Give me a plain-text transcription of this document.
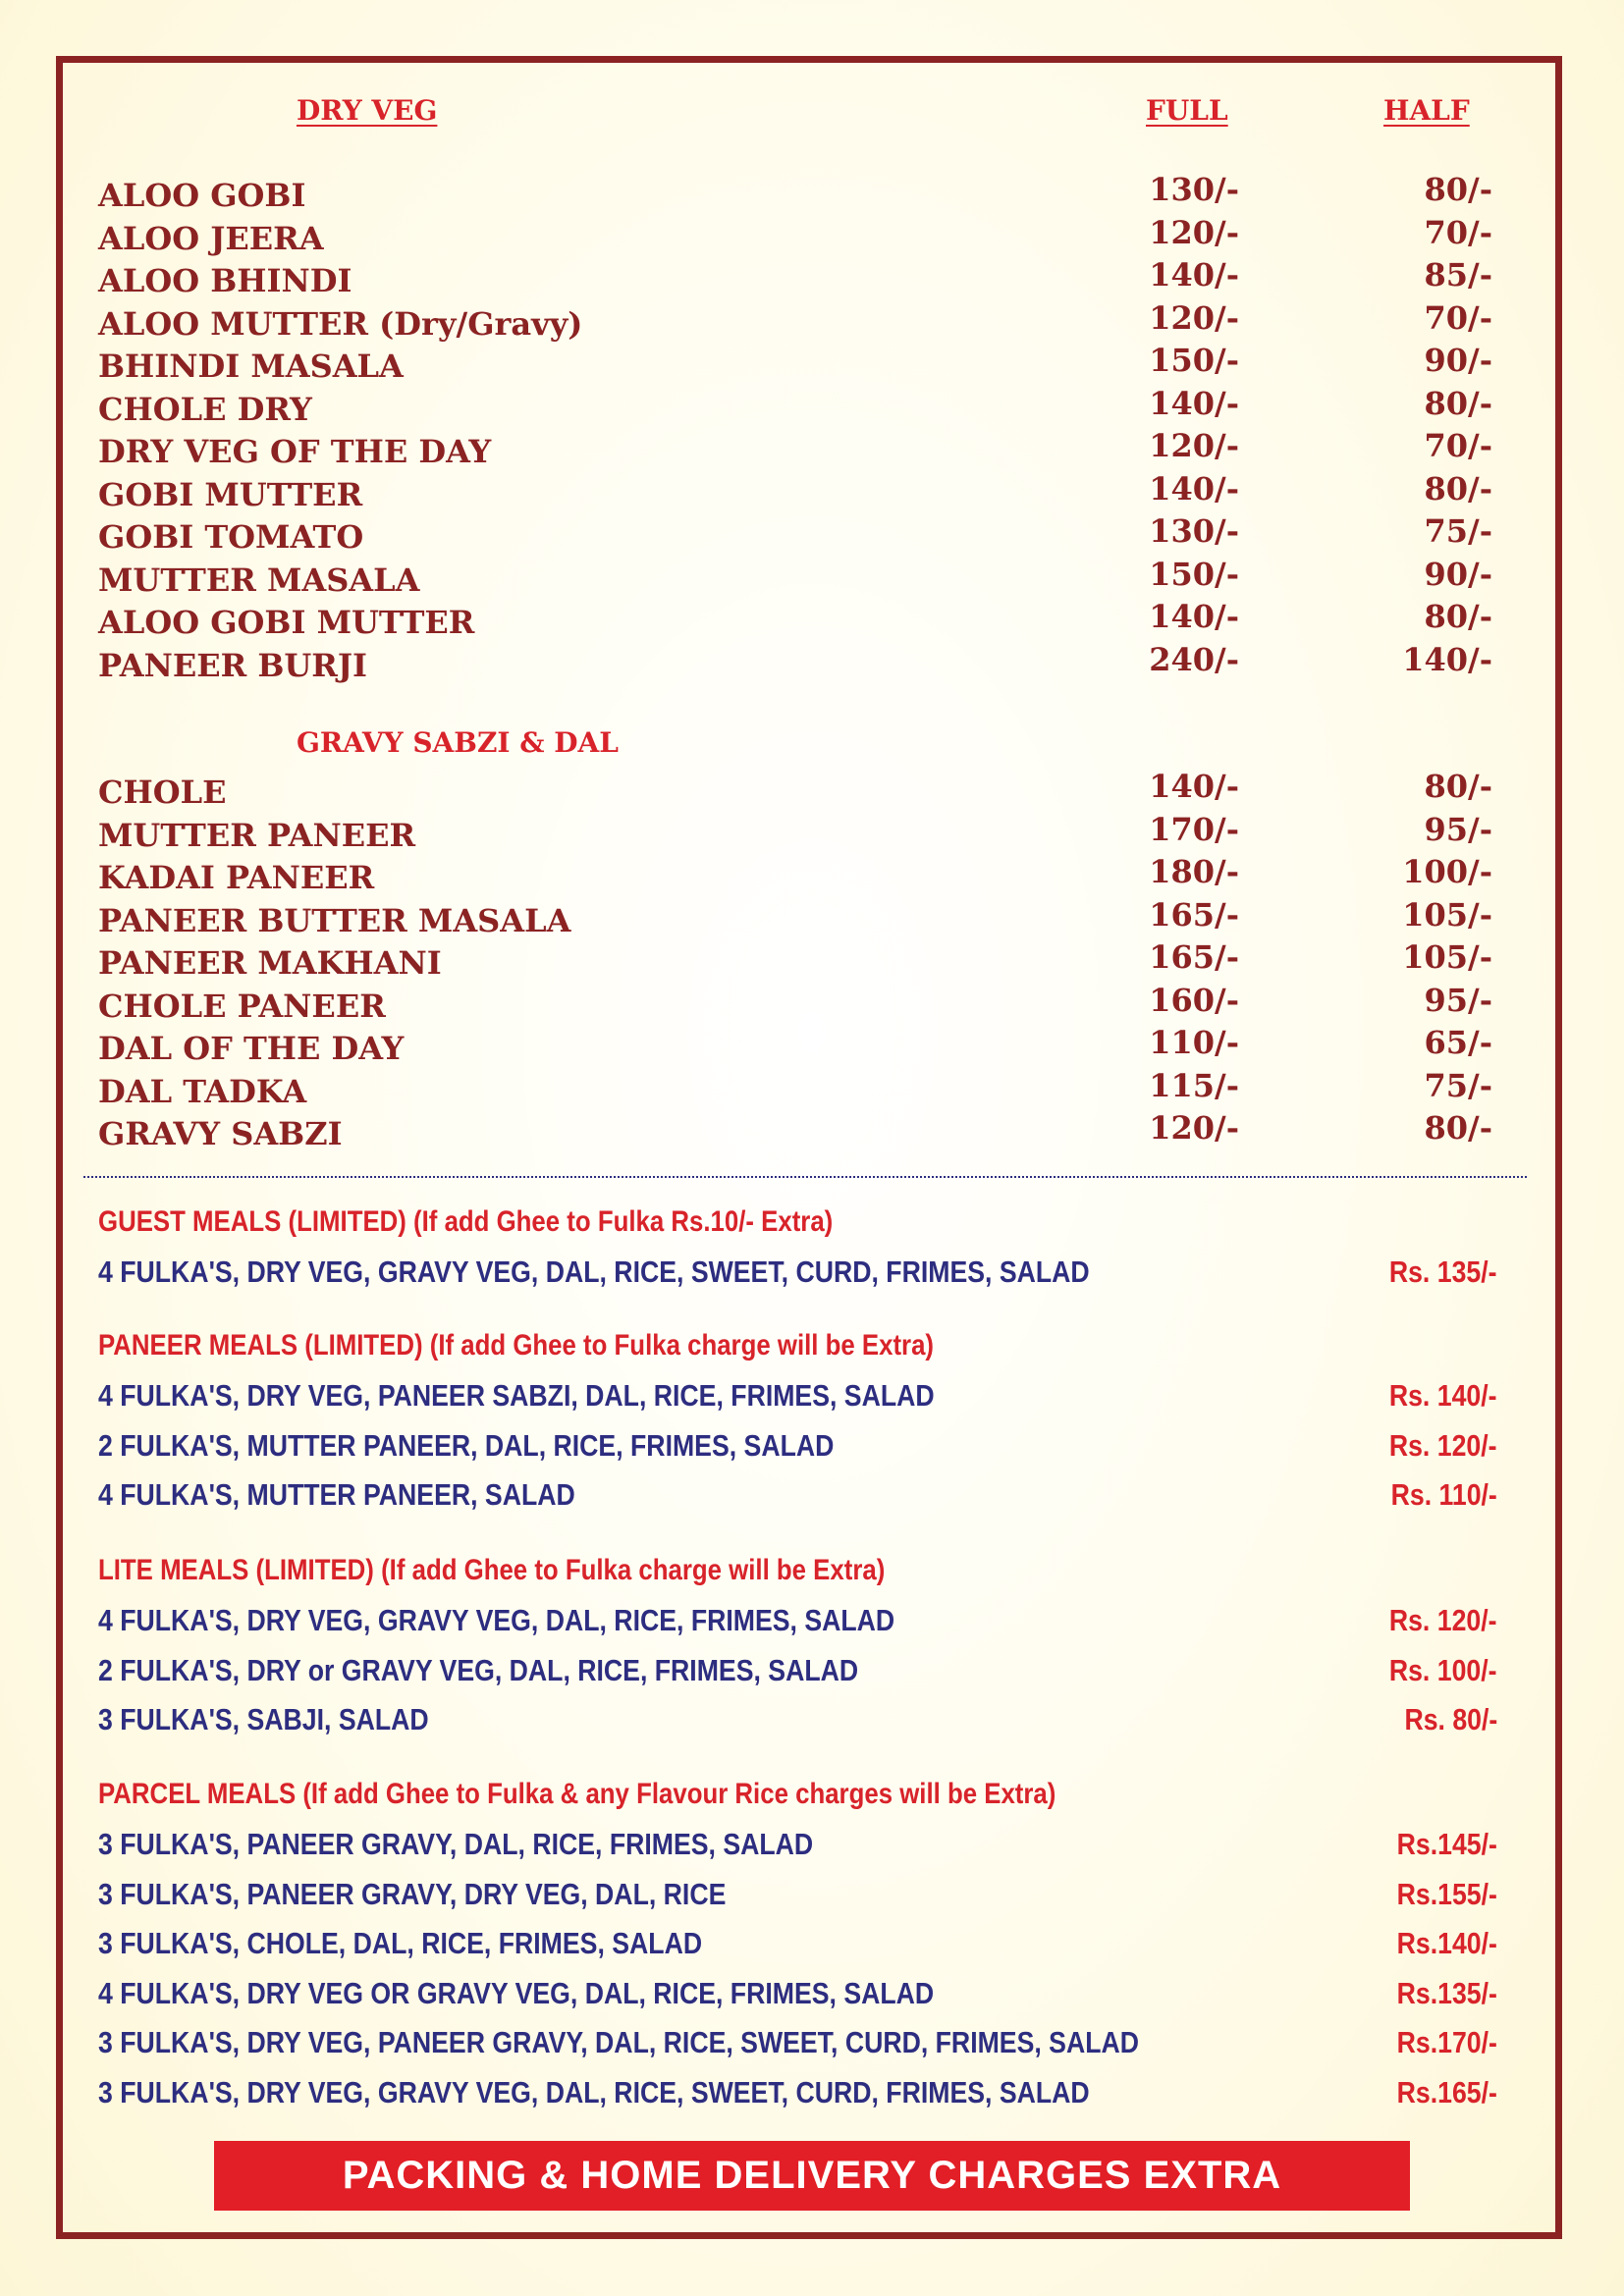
DRY VEG	FULL	HALF
ALOO GOBI	130/-	80/-
ALOO JEERA	120/-	70/-
ALOO BHINDI	140/-	85/-
ALOO MUTTER (Dry/Gravy)	120/-	70/-
BHINDI MASALA	150/-	90/-
CHOLE DRY	140/-	80/-
DRY VEG OF THE DAY	120/-	70/-
GOBI MUTTER	140/-	80/-
GOBI TOMATO	130/-	75/-
MUTTER MASALA	150/-	90/-
ALOO GOBI MUTTER	140/-	80/-
PANEER BURJI	240/-	140/-
GRAVY SABZI & DAL
CHOLE	140/-	80/-
MUTTER PANEER	170/-	95/-
KADAI PANEER	180/-	100/-
PANEER BUTTER MASALA	165/-	105/-
PANEER MAKHANI	165/-	105/-
CHOLE PANEER	160/-	95/-
DAL OF THE DAY	110/-	65/-
DAL TADKA	115/-	75/-
GRAVY SABZI	120/-	80/-
GUEST MEALS (LIMITED) (If add Ghee to Fulka Rs.10/- Extra)
4 FULKA'S, DRY VEG, GRAVY VEG, DAL, RICE, SWEET, CURD, FRIMES, SALAD	Rs. 135/-
PANEER MEALS (LIMITED) (If add Ghee to Fulka charge will be Extra)
4 FULKA'S, DRY VEG, PANEER SABZI, DAL, RICE, FRIMES, SALAD	Rs. 140/-
2 FULKA'S, MUTTER PANEER, DAL, RICE, FRIMES, SALAD	Rs. 120/-
4 FULKA'S, MUTTER PANEER, SALAD	Rs. 110/-
LITE MEALS (LIMITED) (If add Ghee to Fulka charge will be Extra)
4 FULKA'S, DRY VEG, GRAVY VEG, DAL, RICE, FRIMES, SALAD	Rs. 120/-
2 FULKA'S, DRY or GRAVY VEG, DAL, RICE, FRIMES, SALAD	Rs. 100/-
3 FULKA'S, SABJI, SALAD	Rs. 80/-
PARCEL MEALS (If add Ghee to Fulka & any Flavour Rice charges will be Extra)
3 FULKA'S, PANEER GRAVY, DAL, RICE, FRIMES, SALAD	Rs.145/-
3 FULKA'S, PANEER GRAVY, DRY VEG, DAL, RICE	Rs.155/-
3 FULKA'S, CHOLE, DAL, RICE, FRIMES, SALAD	Rs.140/-
4 FULKA'S, DRY VEG OR GRAVY VEG, DAL, RICE, FRIMES, SALAD	Rs.135/-
3 FULKA'S, DRY VEG, PANEER GRAVY, DAL, RICE, SWEET, CURD, FRIMES, SALAD	Rs.170/-
3 FULKA'S, DRY VEG, GRAVY VEG, DAL, RICE, SWEET, CURD, FRIMES, SALAD	Rs.165/-
PACKING & HOME DELIVERY CHARGES EXTRA
